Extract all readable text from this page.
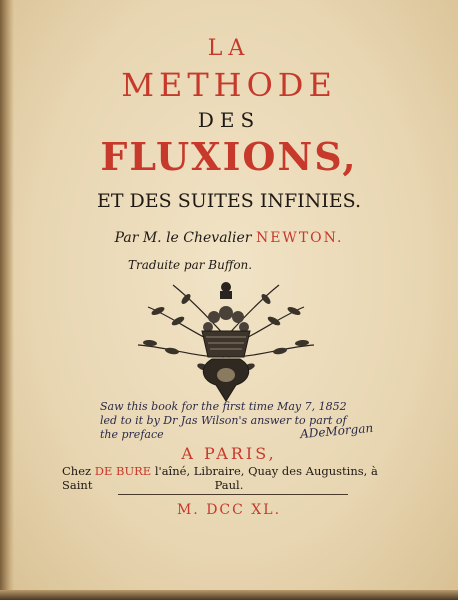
LA
METHODE
DES
FLUXIONS,
ET DES SUITES INFINIES.
Par M. le Chevalier NEWTON.
Traduite par Buffon.
Saw this book for the first time May 7, 1852
led to it by Dr Jas Wilson's answer to part of
the preface	ADeMorgan
A PARIS,
Chez DE BURE l'aîné, Libraire, Quay des Augustins, à Saint	Paul.
M. DCC XL.
